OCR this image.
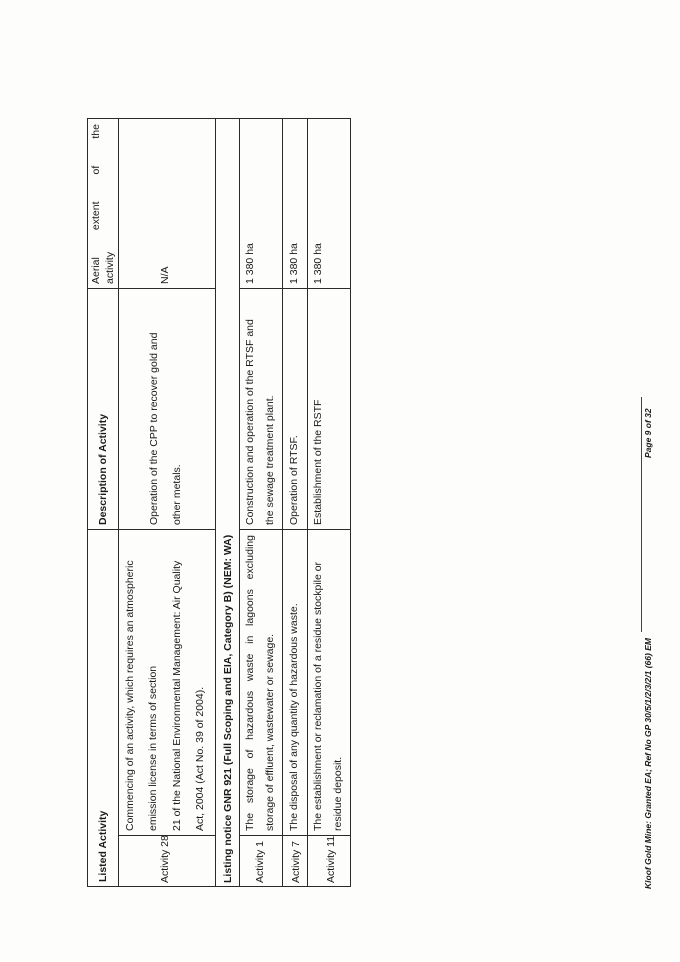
Listed Activity
Description of Activity
Aerial
extent
of
the
activity
Activity 28
Commencing of an activity, which requires an atmospheric emission license in terms of section 21 of the National Environmental Management: Air Quality Act, 2004 (Act No. 39 of 2004).
Operation of the CPP to recover gold and other metals.
N/A
Listing notice GNR 921 (Full Scoping and EIA, Category B) (NEM: WA) Activity 1
The
storage
of
hazardous
waste
in
lagoons
excluding
storage of effluent, wastewater or sewage.
Construction and operation of the RTSF and the sewage treatment plant.
1 380 ha
Activity 7
The disposal of any quantity of hazardous waste.
Operation of RTSF.
1 380 ha
Activity 11
The establishment or reclamation of a residue stockpile or residue deposit.
Establishment of the RSTF
1 380 ha
Kloof Gold Mine: Granted EA; Ref No GP 30/5/1/2/3/2/1 (66) EM
Page 9 of 32
